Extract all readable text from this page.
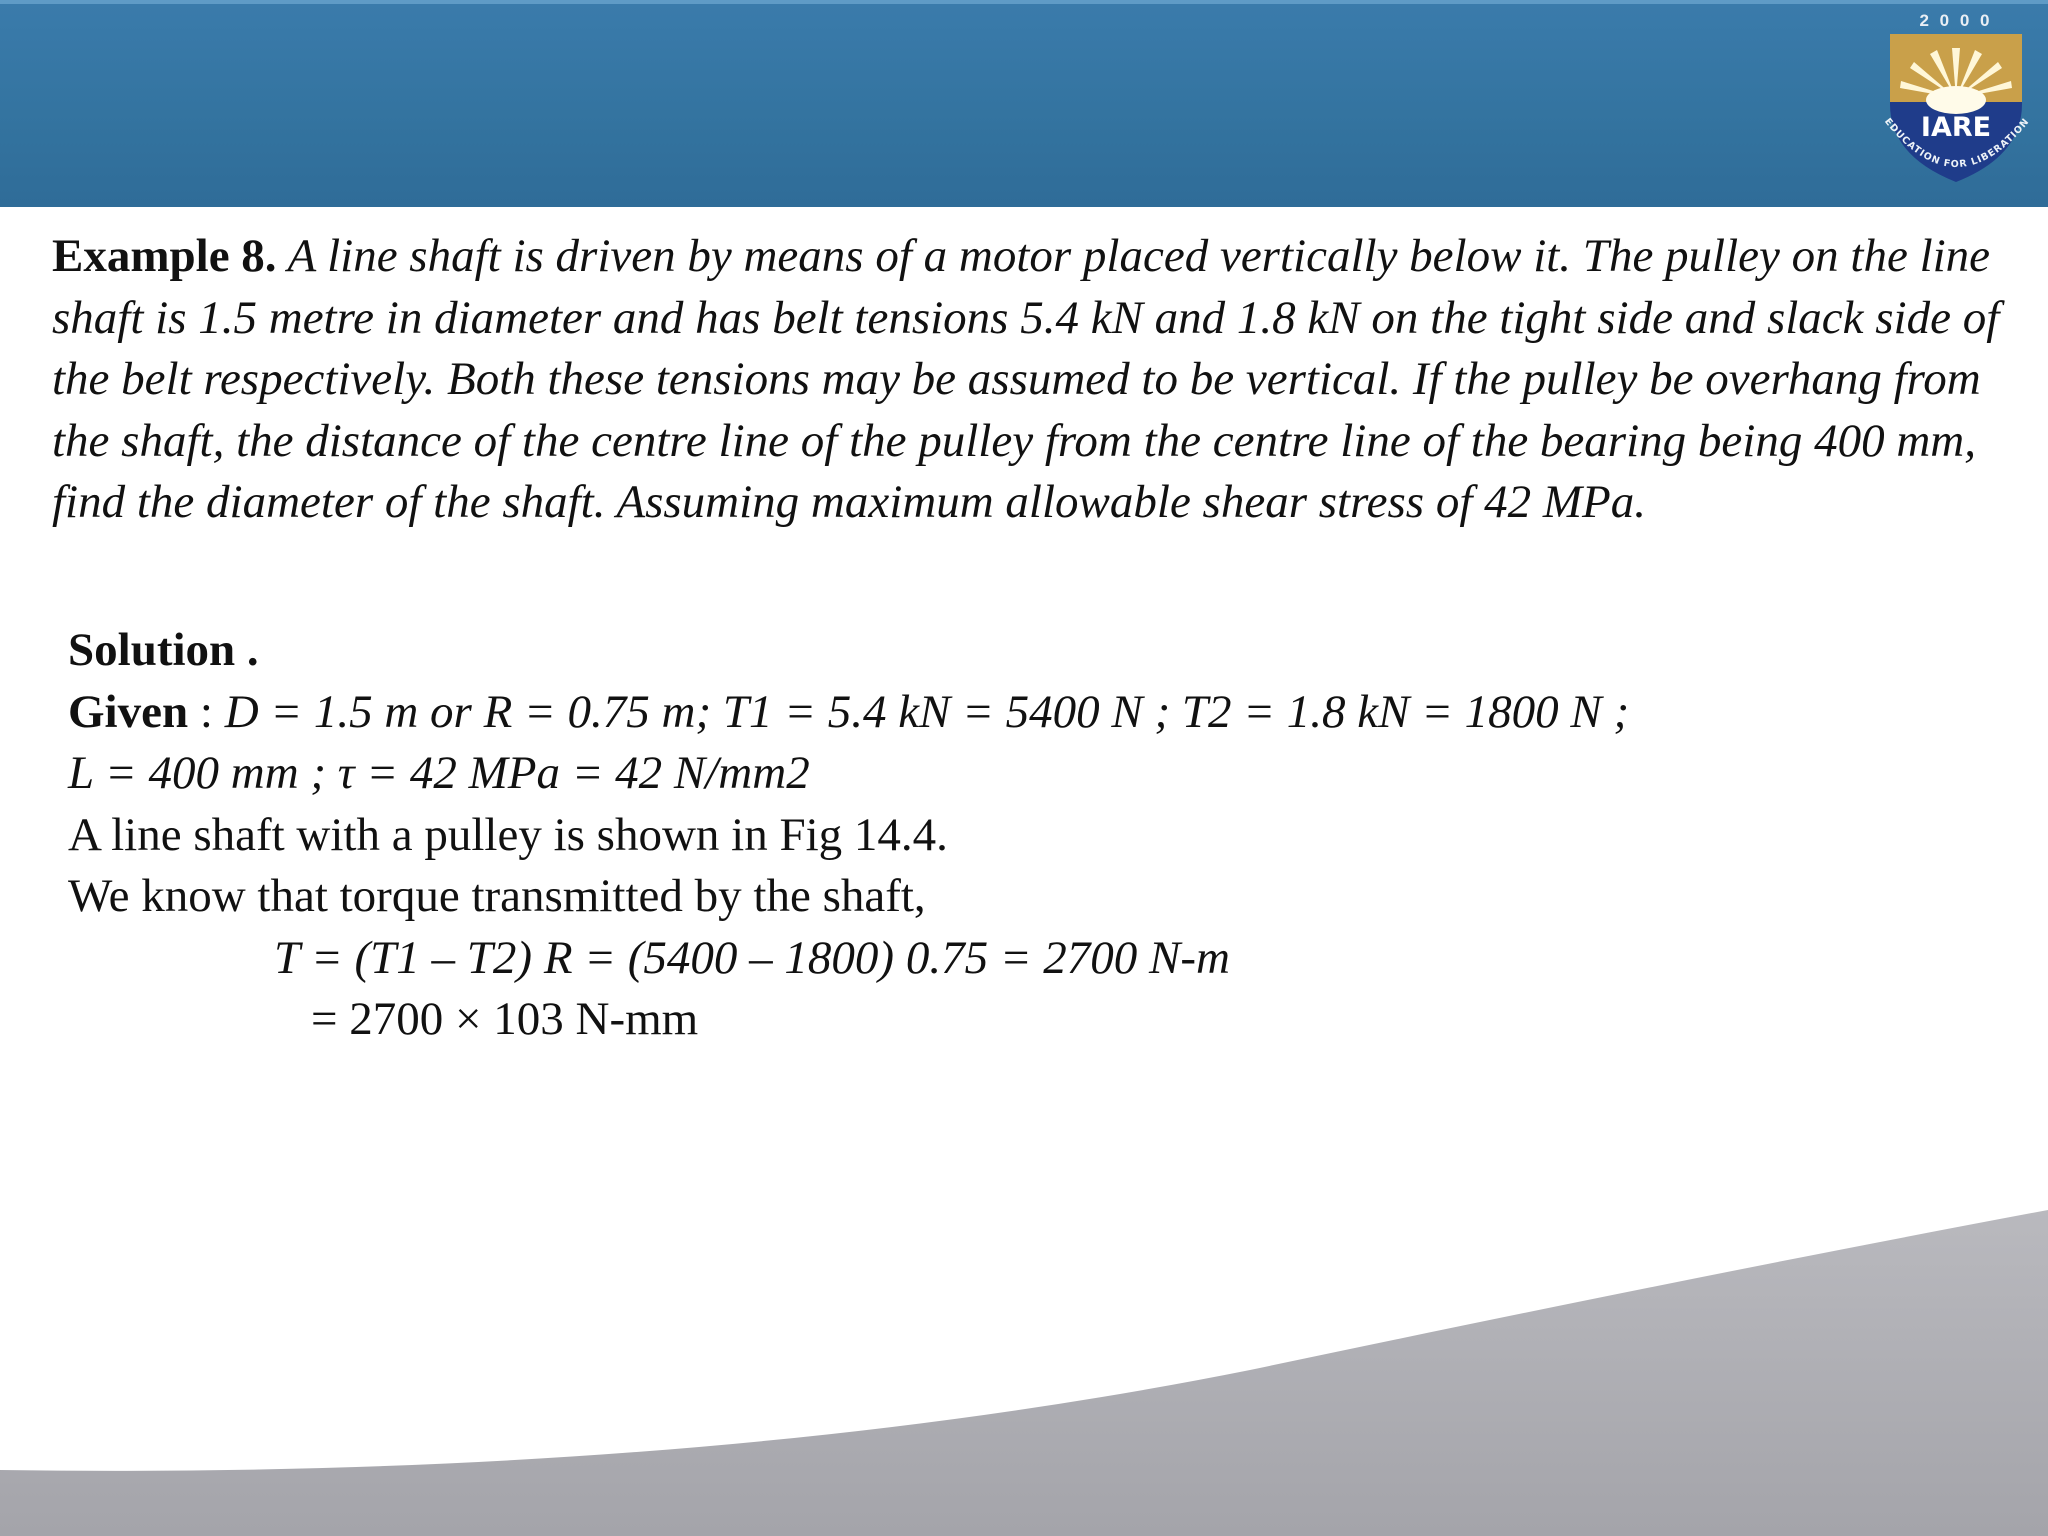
2 0 0 0
IARE
EDUCATION FOR LIBERATION

Example 8. A line shaft is driven by means of a motor placed vertically below it. The pulley on the line shaft is 1.5 metre in diameter and has belt tensions 5.4 kN and 1.8 kN on the tight side and slack side of the belt respectively. Both these tensions may be assumed to be vertical. If the pulley be overhang from the shaft, the distance of the centre line of the pulley from the centre line of the bearing being 400 mm, find the diameter of the shaft. Assuming maximum allowable shear stress of 42 MPa.

Solution .

Given : D = 1.5 m or R = 0.75 m; T1 = 5.4 kN = 5400 N ; T2 = 1.8 kN = 1800 N ;

L = 400 mm ; τ = 42 MPa = 42 N/mm2

A line shaft with a pulley is shown in Fig 14.4.

We know that torque transmitted by the shaft,

T = (T1 – T2) R = (5400 – 1800) 0.75 = 2700 N-m

= 2700 × 103 N-mm
